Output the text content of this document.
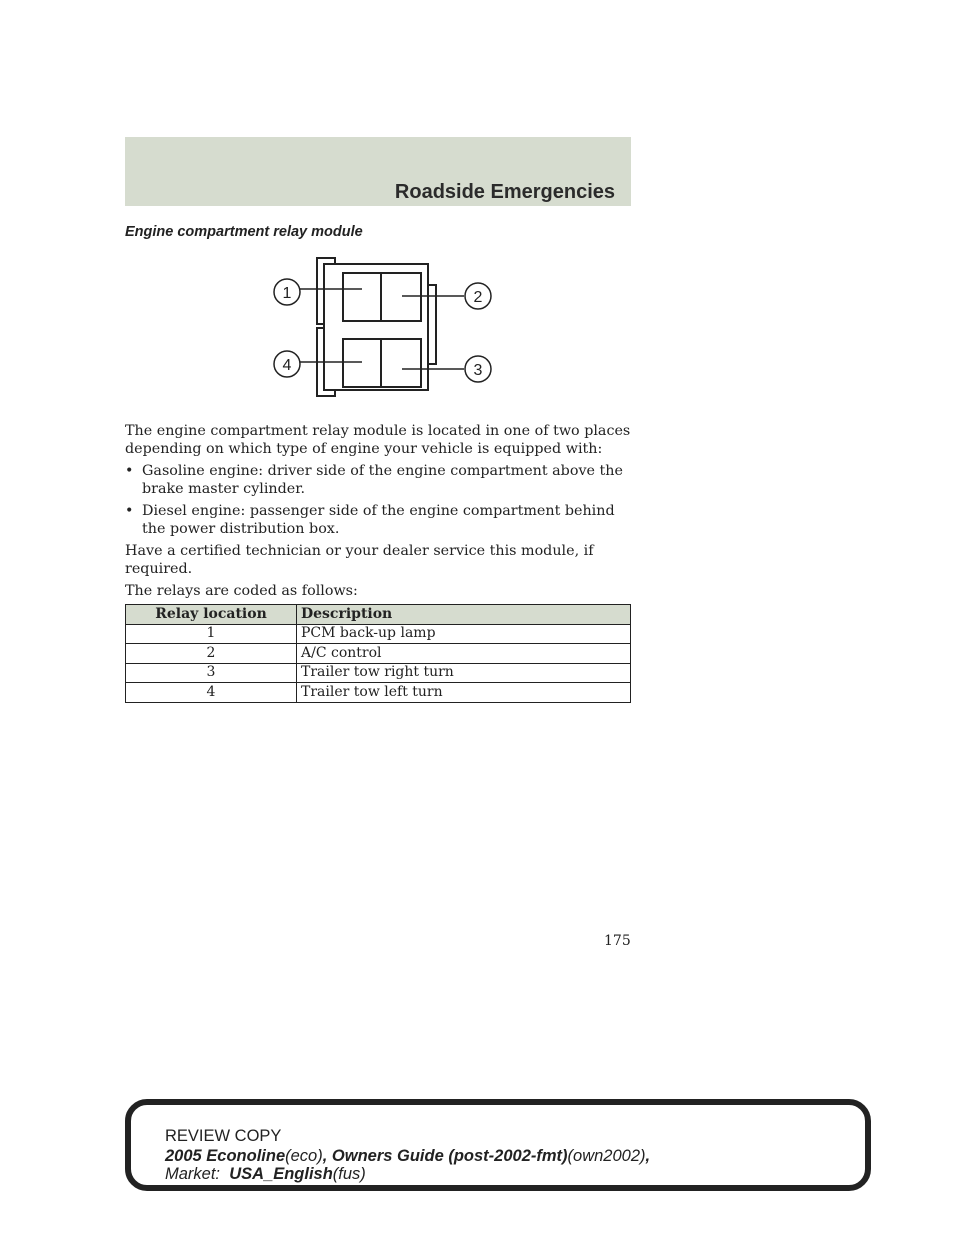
Roadside Emergencies
Engine compartment relay module
1	2
3
4
The engine compartment relay module is located in one of two places depending on which type of engine your vehicle is equipped with:
• Gasoline engine: driver side of the engine compartment above the brake master cylinder.
• Diesel engine: passenger side of the engine compartment behind the power distribution box.
Have a certified technician or your dealer service this module, if required.
The relays are coded as follows:
Relay location	Description
1	PCM back-up lamp
2	A/C control
3	Trailer tow right turn
4	Trailer tow left turn
175
REVIEW COPY
2005 Econoline(eco), Owners Guide (post-2002-fmt)(own2002),
Market: USA_English(fus)
